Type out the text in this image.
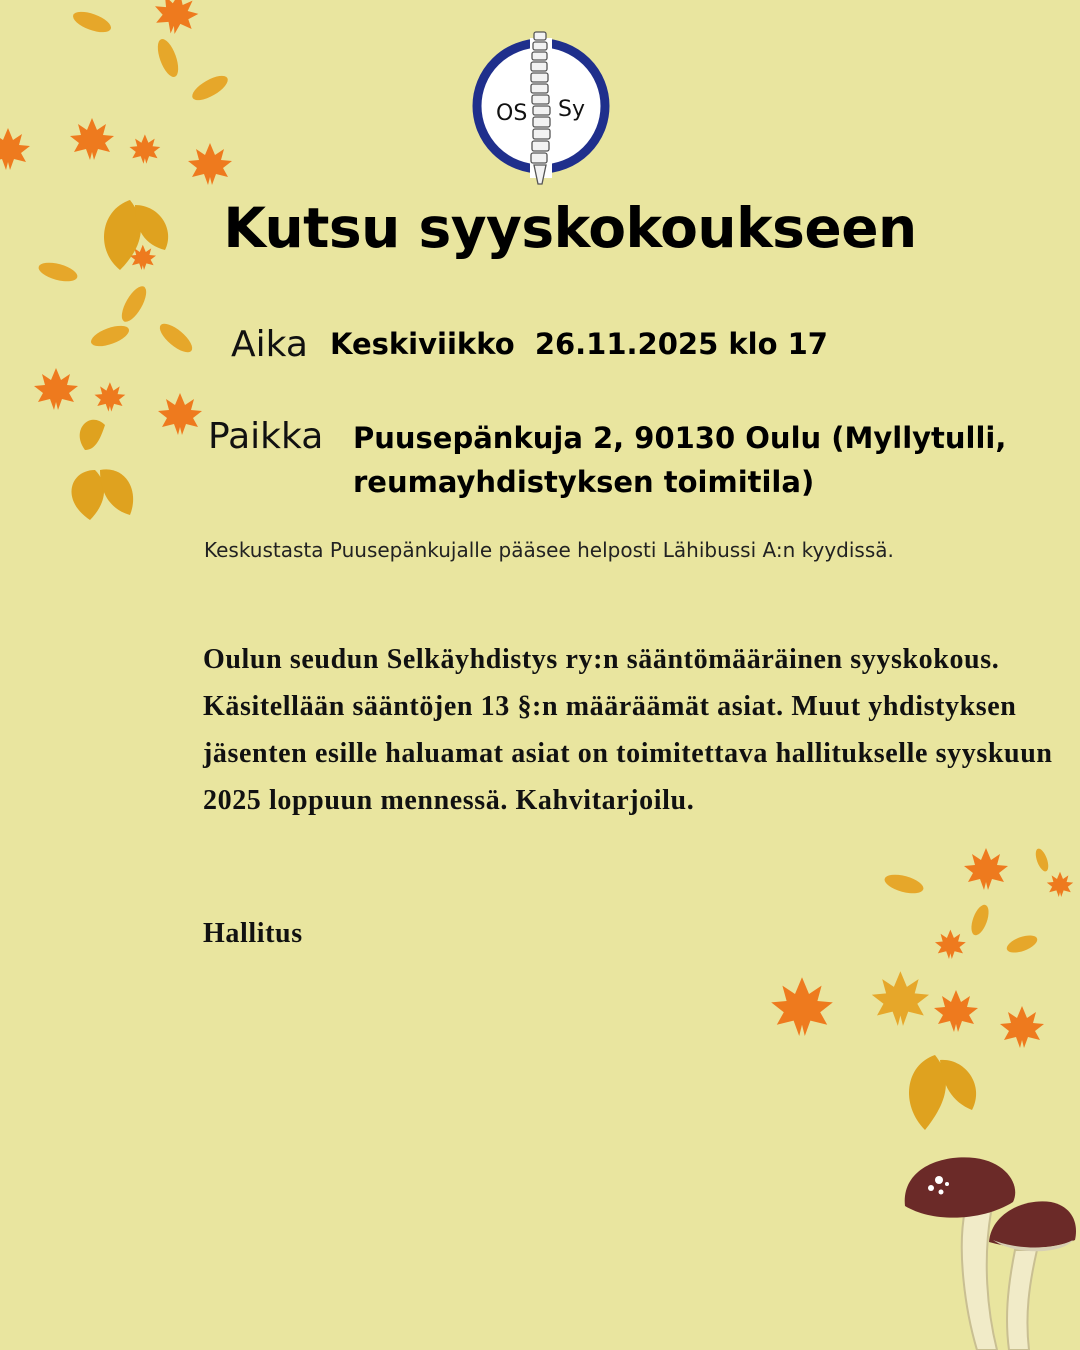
OS Sy
Kutsu syyskokoukseen
Aika Keskiviikko  26.11.2025 klo 17
Paikka Puusepänkuja 2, 90130 Oulu (Myllytulli, reumayhdistyksen toimitila)
Keskustasta Puusepänkujalle pääsee helposti Lähibussi A:n kyydissä.
Oulun seudun Selkäyhdistys ry:n sääntömääräinen syyskokous. Käsitellään sääntöjen 13 §:n määräämät asiat. Muut yhdistyksen jäsenten esille haluamat asiat on toimitettava hallitukselle syyskuun 2025 loppuun mennessä. Kahvitarjoilu.
Hallitus
